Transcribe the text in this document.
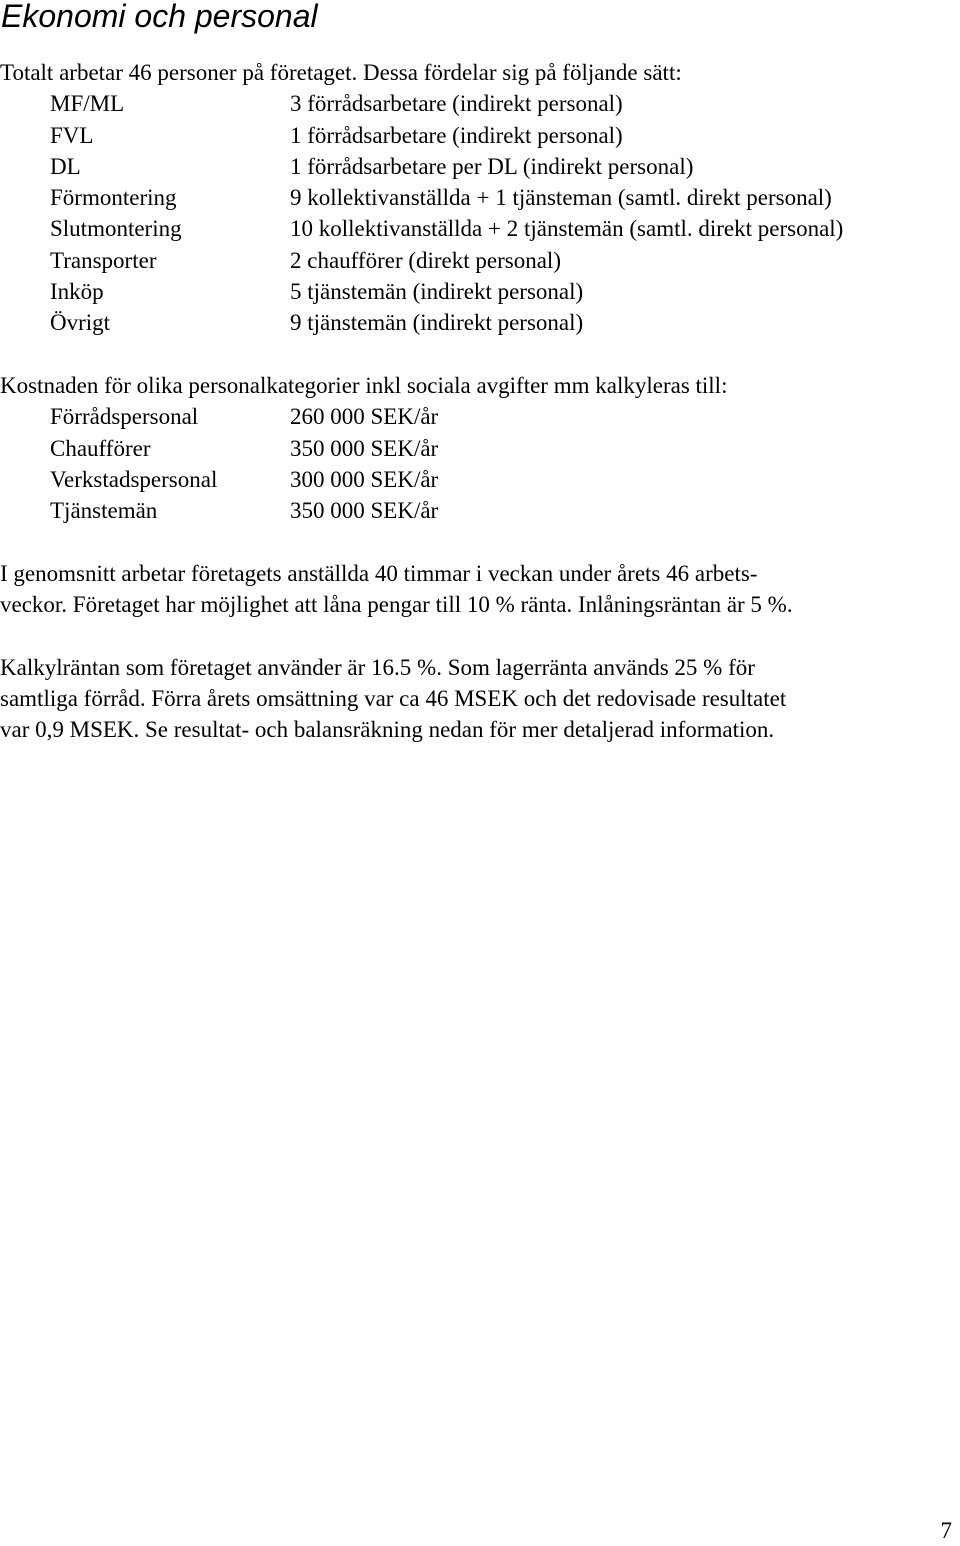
Ekonomi och personal
Totalt arbetar 46 personer på företaget. Dessa fördelar sig på följande sätt:
MF/ML	3 förrådsarbetare (indirekt personal)
FVL	1 förrådsarbetare (indirekt personal)
DL	1 förrådsarbetare per DL (indirekt personal)
Förmontering	9 kollektivanställda + 1 tjänsteman (samtl. direkt personal)
Slutmontering	10 kollektivanställda + 2 tjänstemän (samtl. direkt personal)
Transporter	2 chaufförer (direkt personal)
Inköp	5 tjänstemän (indirekt personal)
Övrigt	9 tjänstemän (indirekt personal)
Kostnaden för olika personalkategorier inkl sociala avgifter mm kalkyleras till:
Förrådspersonal	260 000 SEK/år
Chaufförer	350 000 SEK/år
Verkstadspersonal	300 000 SEK/år
Tjänstemän	350 000 SEK/år
I genomsnitt arbetar företagets anställda 40 timmar i veckan under årets 46 arbets-
veckor. Företaget har möjlighet att låna pengar till 10 % ränta. Inlåningsräntan är 5 %.
Kalkylräntan som företaget använder är 16.5 %. Som lagerränta används 25 % för
samtliga förråd. Förra årets omsättning var ca 46 MSEK och det redovisade resultatet
var 0,9 MSEK. Se resultat- och balansräkning nedan för mer detaljerad information.
7
